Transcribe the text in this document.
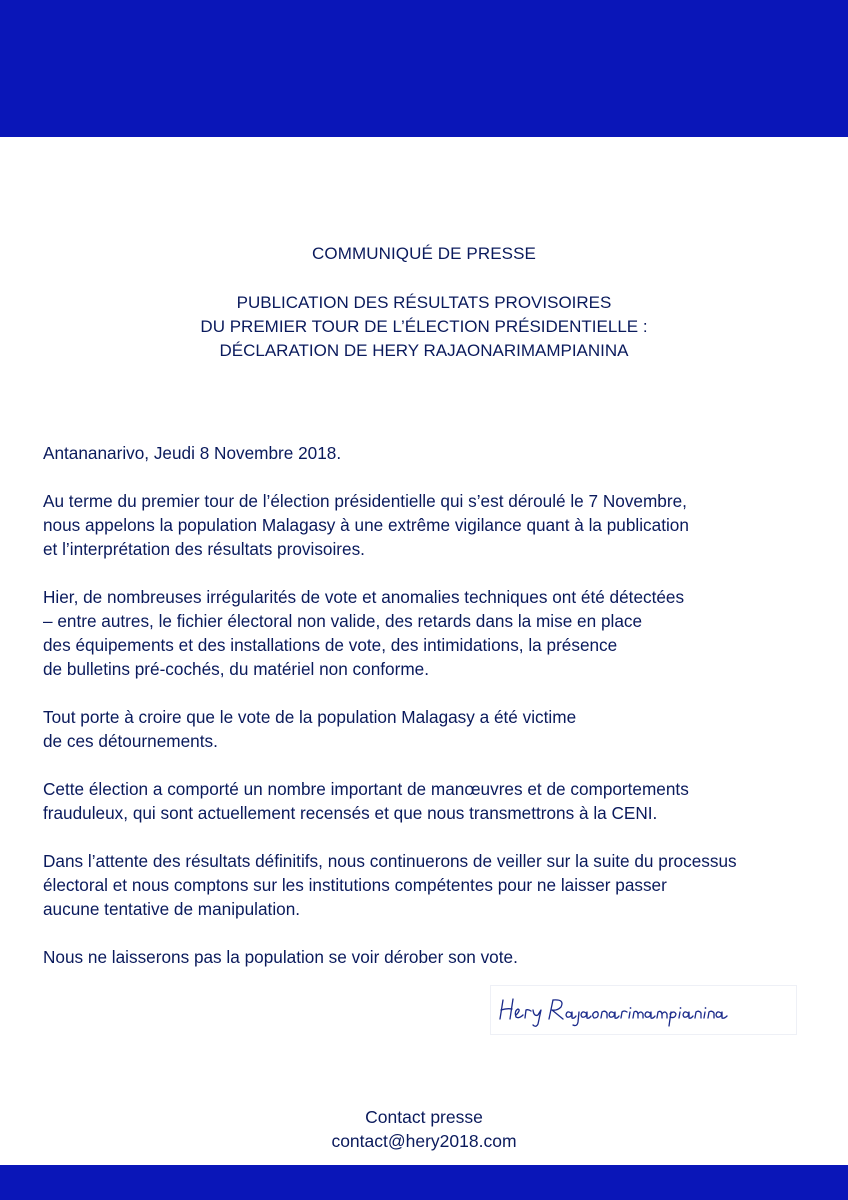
COMMUNIQUÉ DE PRESSE
PUBLICATION DES RÉSULTATS PROVISOIRES
DU PREMIER TOUR DE L’ÉLECTION PRÉSIDENTIELLE :
DÉCLARATION DE HERY RAJAONARIMAMPIANINA

Antananarivo, Jeudi 8 Novembre 2018.

Au terme du premier tour de l’élection présidentielle qui s’est déroulé le 7 Novembre,
nous appelons la population Malagasy à une extrême vigilance quant à la publication
et l’interprétation des résultats provisoires.

Hier, de nombreuses irrégularités de vote et anomalies techniques ont été détectées
– entre autres, le fichier électoral non valide, des retards dans la mise en place
des équipements et des installations de vote, des intimidations, la présence
de bulletins pré-cochés, du matériel non conforme.

Tout porte à croire que le vote de la population Malagasy a été victime
de ces détournements.

Cette élection a comporté un nombre important de manœuvres et de comportements
frauduleux, qui sont actuellement recensés et que nous transmettrons à la CENI.

Dans l’attente des résultats définitifs, nous continuerons de veiller sur la suite du processus
électoral et nous comptons sur les institutions compétentes pour ne laisser passer
aucune tentative de manipulation.

Nous ne laisserons pas la population se voir dérober son vote.

Contact presse
contact@hery2018.com
